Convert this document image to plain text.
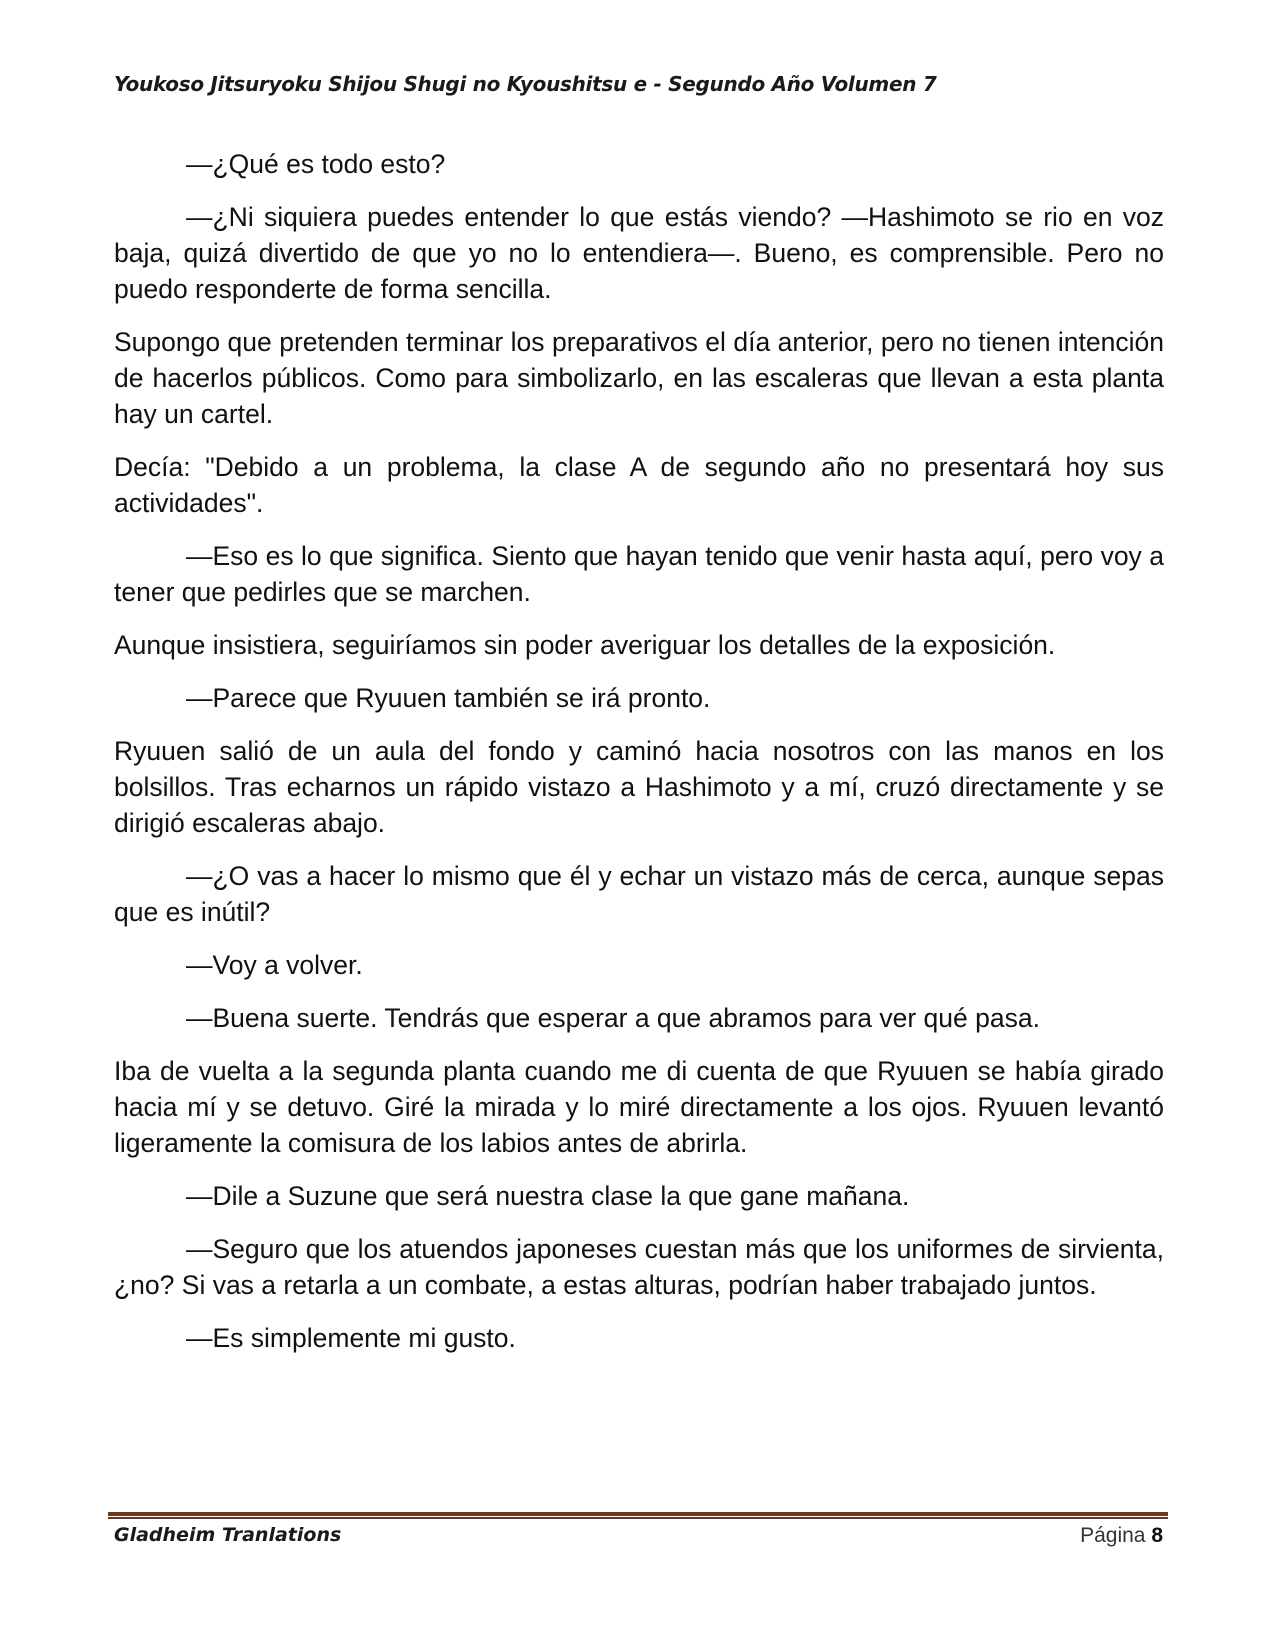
Youkoso Jitsuryoku Shijou Shugi no Kyoushitsu e - Segundo Año Volumen 7

—¿Qué es todo esto?

—¿Ni siquiera puedes entender lo que estás viendo? —Hashimoto se rio en voz baja, quizá divertido de que yo no lo entendiera—. Bueno, es comprensible. Pero no puedo responderte de forma sencilla.

Supongo que pretenden terminar los preparativos el día anterior, pero no tienen intención de hacerlos públicos. Como para simbolizarlo, en las escaleras que llevan a esta planta hay un cartel.

Decía: "Debido a un problema, la clase A de segundo año no presentará hoy sus actividades".

—Eso es lo que significa. Siento que hayan tenido que venir hasta aquí, pero voy a tener que pedirles que se marchen.

Aunque insistiera, seguiríamos sin poder averiguar los detalles de la exposición.

—Parece que Ryuuen también se irá pronto.

Ryuuen salió de un aula del fondo y caminó hacia nosotros con las manos en los bolsillos. Tras echarnos un rápido vistazo a Hashimoto y a mí, cruzó directamente y se dirigió escaleras abajo.

—¿O vas a hacer lo mismo que él y echar un vistazo más de cerca, aunque sepas que es inútil?

—Voy a volver.

—Buena suerte. Tendrás que esperar a que abramos para ver qué pasa.

Iba de vuelta a la segunda planta cuando me di cuenta de que Ryuuen se había girado hacia mí y se detuvo. Giré la mirada y lo miré directamente a los ojos. Ryuuen levantó ligeramente la comisura de los labios antes de abrirla.

—Dile a Suzune que será nuestra clase la que gane mañana.

—Seguro que los atuendos japoneses cuestan más que los uniformes de sirvienta, ¿no? Si vas a retarla a un combate, a estas alturas, podrían haber trabajado juntos.

—Es simplemente mi gusto.

Gladheim Tranlations	Página 8
